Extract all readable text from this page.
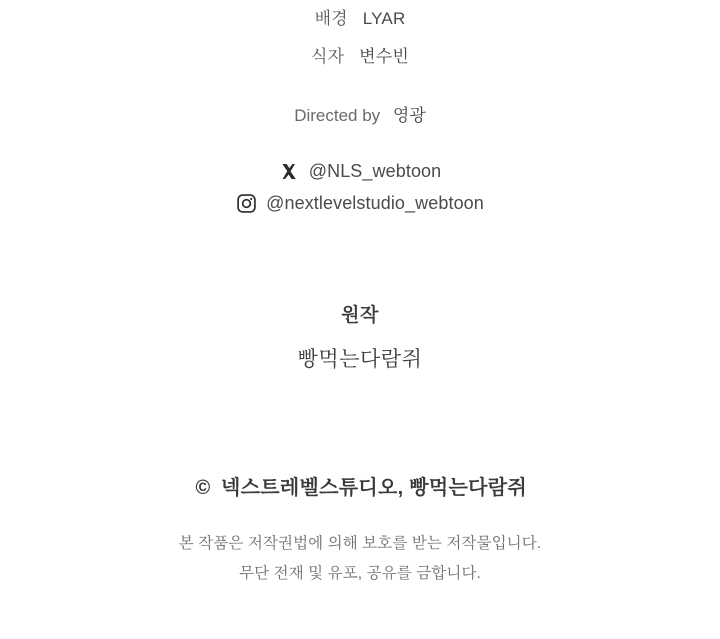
배경 LYAR
식자 변수빈
Directed by 영광
@NLS_webtoon
@nextlevelstudio_webtoon
원작
빵먹는다람쥐
© 넥스트레벨스튜디오, 빵먹는다람쥐
본 작품은 저작권법에 의해 보호를 받는 저작물입니다.
무단 전재 및 유포, 공유를 금합니다.
